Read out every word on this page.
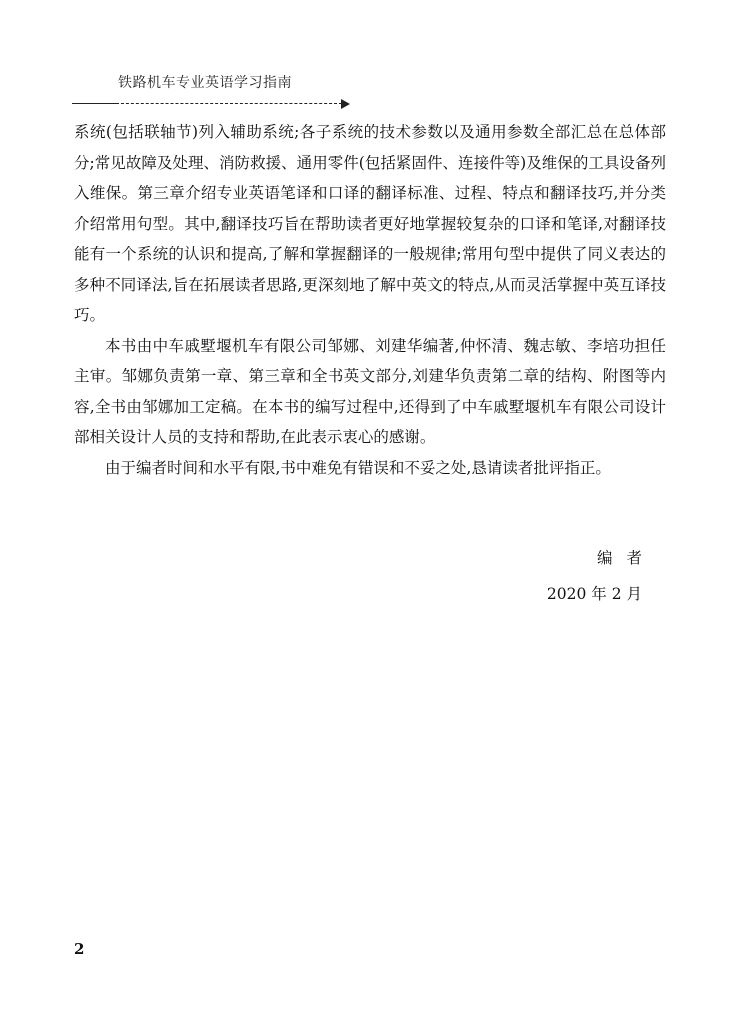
铁路机车专业英语学习指南

系统(包括联轴节)列入辅助系统;各子系统的技术参数以及通用参数全部汇总在总体部分;常见故障及处理、消防救援、通用零件(包括紧固件、连接件等)及维保的工具设备列入维保。第三章介绍专业英语笔译和口译的翻译标准、过程、特点和翻译技巧,并分类介绍常用句型。其中,翻译技巧旨在帮助读者更好地掌握较复杂的口译和笔译,对翻译技能有一个系统的认识和提高,了解和掌握翻译的一般规律;常用句型中提供了同义表达的多种不同译法,旨在拓展读者思路,更深刻地了解中英文的特点,从而灵活掌握中英互译技巧。

本书由中车戚墅堰机车有限公司邹娜、刘建华编著,仲怀清、魏志敏、李培功担任主审。邹娜负责第一章、第三章和全书英文部分,刘建华负责第二章的结构、附图等内容,全书由邹娜加工定稿。在本书的编写过程中,还得到了中车戚墅堰机车有限公司设计部相关设计人员的支持和帮助,在此表示衷心的感谢。

由于编者时间和水平有限,书中难免有错误和不妥之处,恳请读者批评指正。

编者
2020 年 2 月
2
